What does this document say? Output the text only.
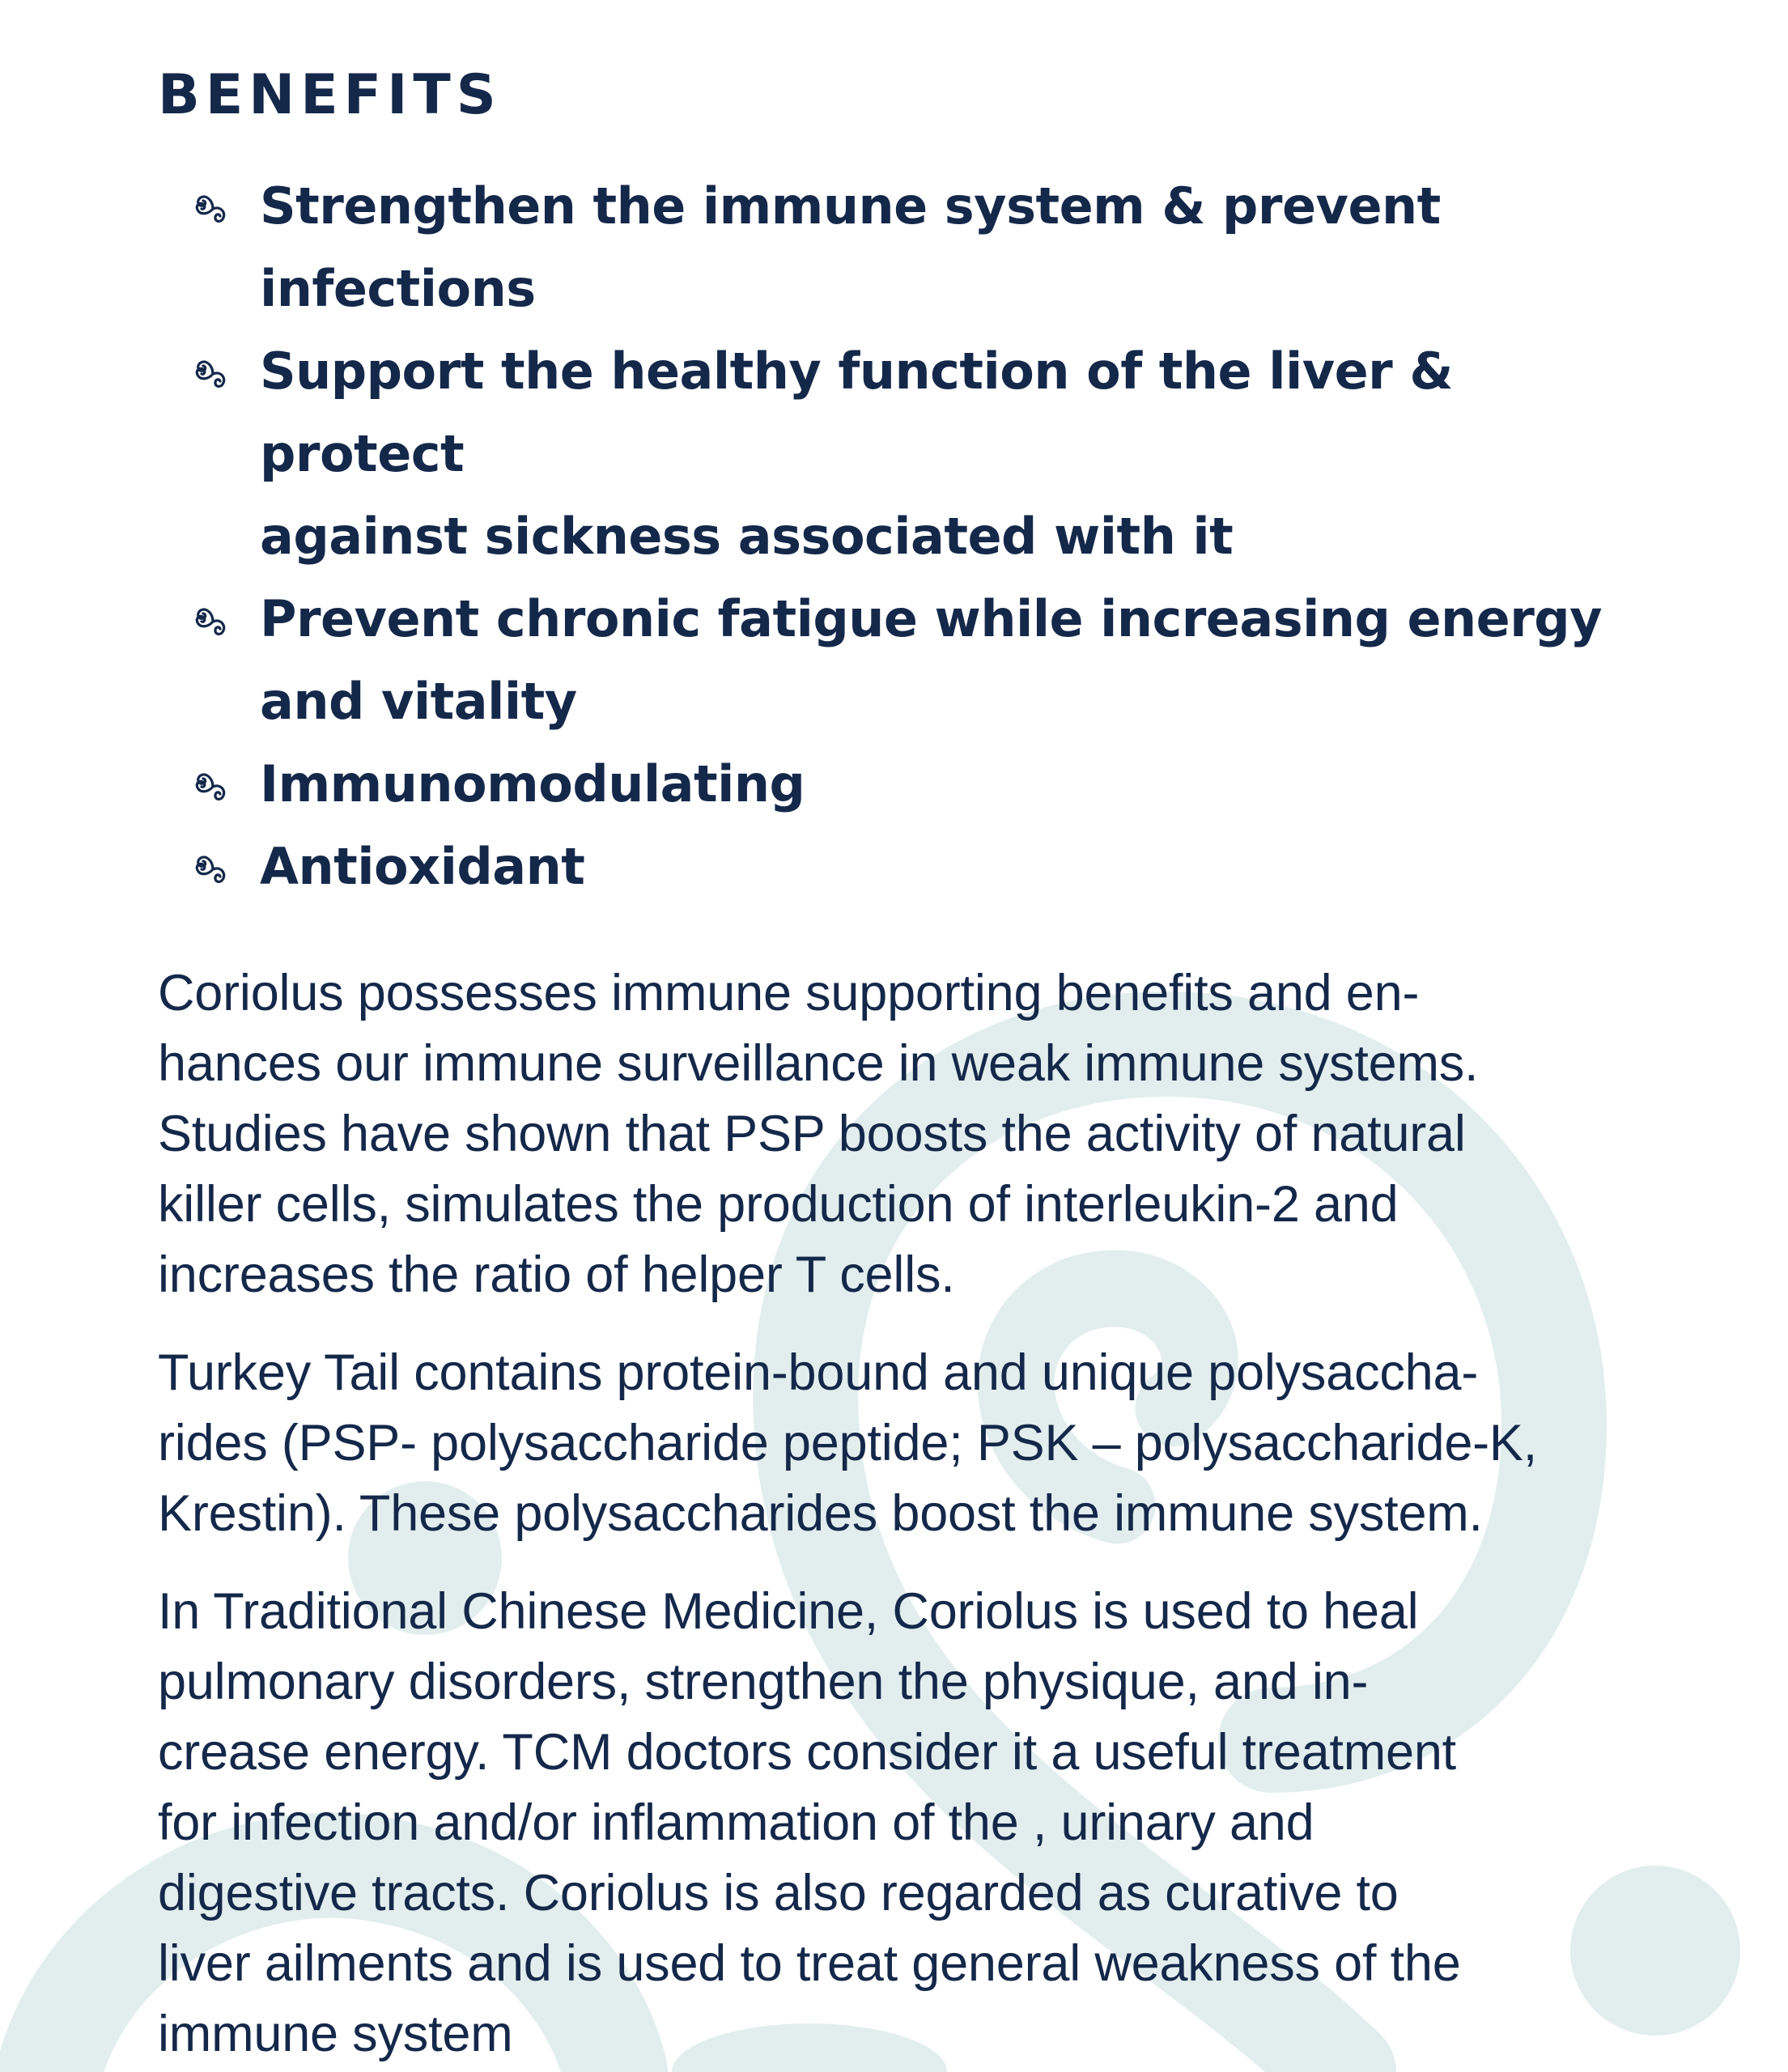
BENEFITS
Strengthen the immune system & prevent
infections
Support the healthy function of the liver & protect
against sickness associated with it
Prevent chronic fatigue while increasing energy
and vitality
Immunomodulating
Antioxidant

Coriolus possesses immune supporting benefits and en-
hances our immune surveillance in weak immune systems.
Studies have shown that PSP boosts the activity of natural
killer cells, simulates the production of interleukin-2 and
increases the ratio of helper T cells.

Turkey Tail contains protein-bound and unique polysaccha-
rides (PSP- polysaccharide peptide; PSK – polysaccharide-K,
Krestin). These polysaccharides boost the immune system.

In Traditional Chinese Medicine, Coriolus is used to heal
pulmonary disorders, strengthen the physique, and in-
crease energy. TCM doctors consider it a useful treatment
for infection and/or inflammation of the , urinary and
digestive tracts. Coriolus is also regarded as curative to
liver ailments and is used to treat general weakness of the
immune system
